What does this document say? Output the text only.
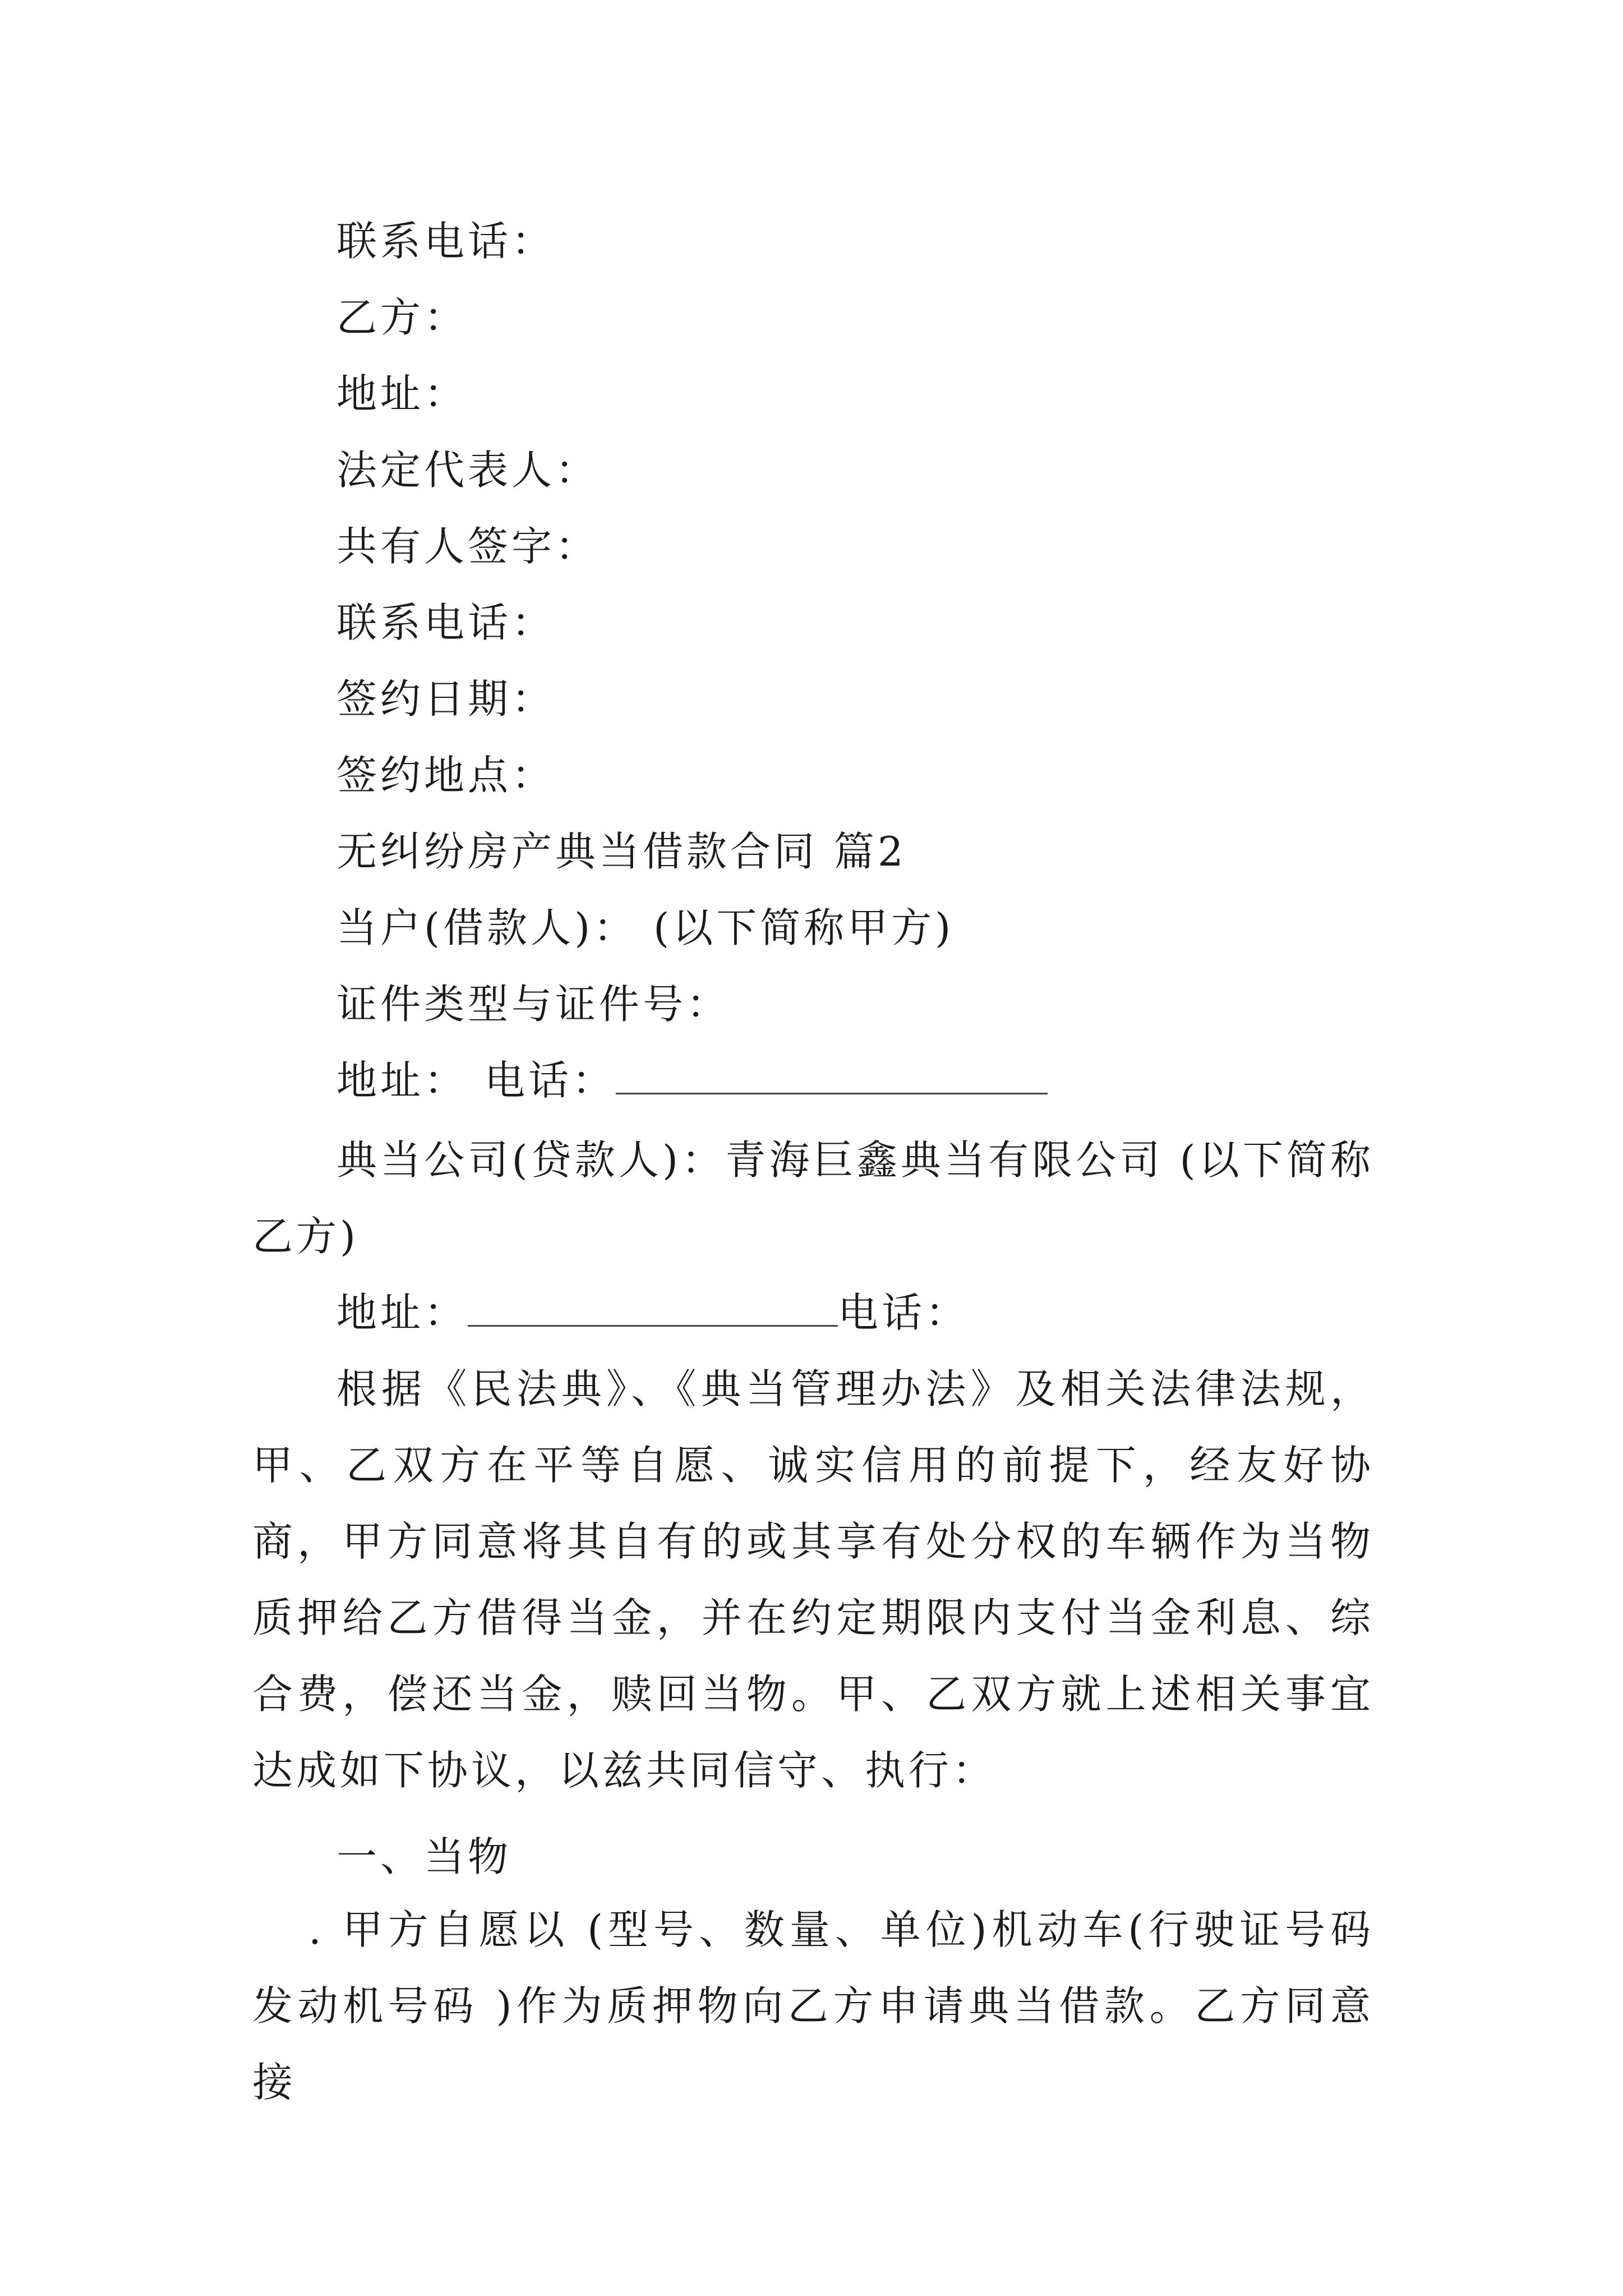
联系电话：
乙方：
地址：
法定代表人：
共有人签字：
联系电话：
签约日期：
签约地点：
无纠纷房产典当借款合同 篇2
当户(借款人)： (以下简称甲方)
证件类型与证件号：
地址： 电话：
典当公司(贷款人)：青海巨鑫典当有限公司 (以下简称乙方)
地址：	电话：
根据《民法典》、《典当管理办法》及相关法律法规，甲、乙双方在平等自愿、诚实信用的前提下，经友好协商，甲方同意将其自有的或其享有处分权的车辆作为当物质押给乙方借得当金，并在约定期限内支付当金利息、综合费，偿还当金，赎回当物。甲、乙双方就上述相关事宜达成如下协议，以兹共同信守、执行：
一、当物
. 甲方自愿以 (型号、数量、单位)机动车(行驶证号码 发动机号码 )作为质押物向乙方申请典当借款。乙方同意接
